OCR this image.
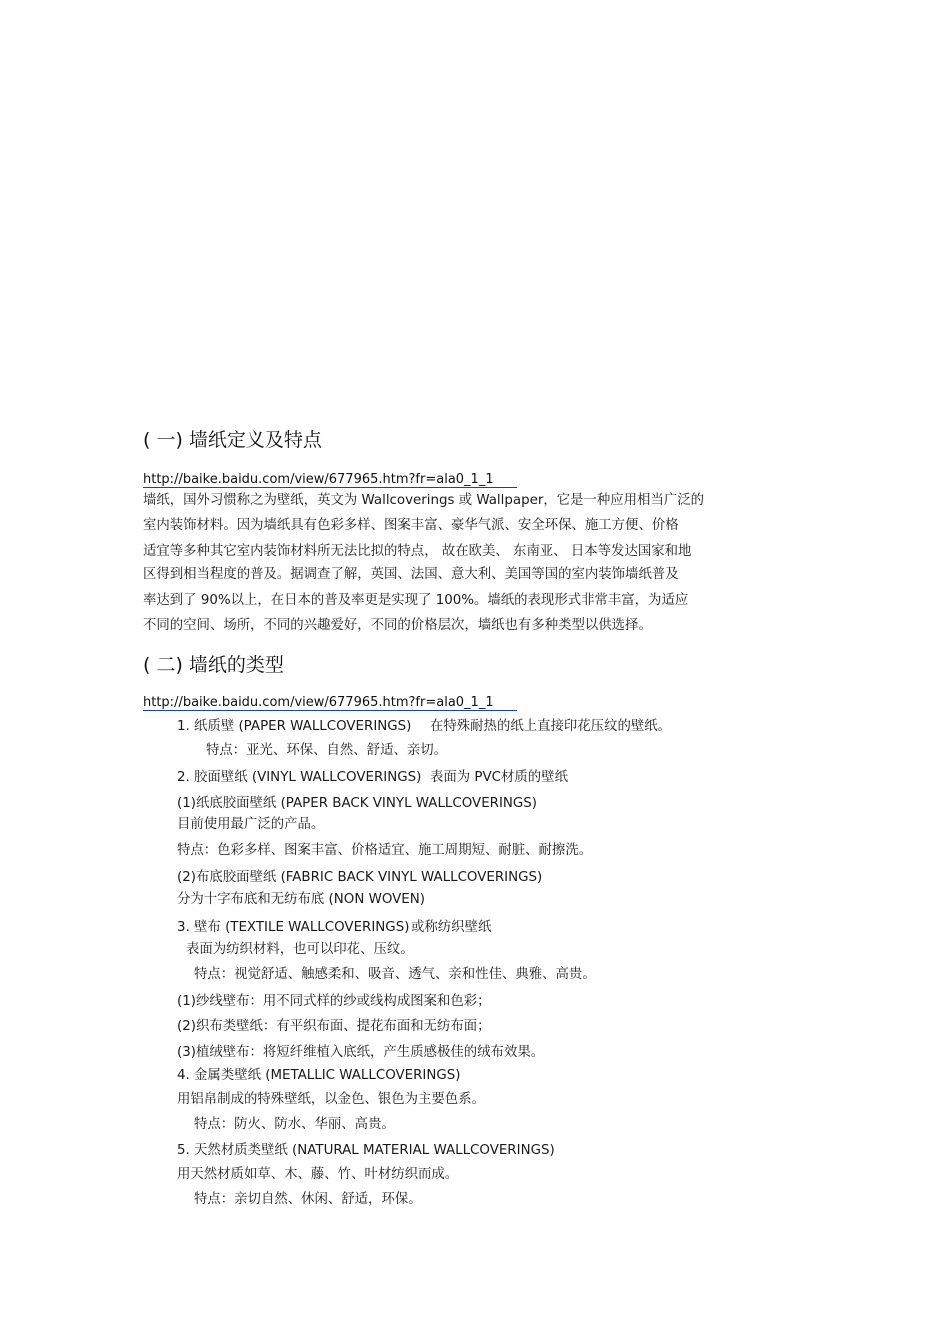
( 一) 墙纸定义及特点
http://baike.baidu.com/view/677965.htm?fr=ala0_1_1
墙纸，国外习惯称之为壁纸，英文为 Wallcoverings 或 Wallpaper，它是一种应用相当广泛的
室内装饰材料。因为墙纸具有色彩多样、图案丰富、豪华气派、安全环保、施工方便、价格
适宜等多种其它室内装饰材料所无法比拟的特点， 故在欧美、 东南亚、 日本等发达国家和地
区得到相当程度的普及。据调查了解，英国、法国、意大利、美国等国的室内装饰墙纸普及
率达到了 90%以上，在日本的普及率更是实现了 100%。墙纸的表现形式非常丰富，为适应
不同的空间、场所，不同的兴趣爱好，不同的价格层次，墙纸也有多种类型以供选择。
( 二) 墙纸的类型
http://baike.baidu.com/view/677965.htm?fr=ala0_1_1
1. 纸质壁 (PAPER WALLCOVERINGS) 在特殊耐热的纸上直接印花压纹的壁纸。
特点：亚光、环保、自然、舒适、亲切。
2. 胶面壁纸 (VINYL WALLCOVERINGS) 表面为 PVC材质的壁纸
(1)纸底胶面壁纸 (PAPER BACK VINYL WALLCOVERINGS)
目前使用最广泛的产品。
特点：色彩多样、图案丰富、价格适宜、施工周期短、耐脏、耐擦洗。
(2)布底胶面壁纸 (FABRIC BACK VINYL WALLCOVERINGS)
分为十字布底和无纺布底 (NON WOVEN)
3. 壁布 (TEXTILE WALLCOVERINGS) 或称纺织壁纸
表面为纺织材料，也可以印花、压纹。
特点：视觉舒适、触感柔和、吸音、透气、亲和性佳、典雅、高贵。
(1)纱线壁布：用不同式样的纱或线构成图案和色彩；
(2)织布类壁纸：有平织布面、提花布面和无纺布面；
(3)植绒壁布：将短纤维植入底纸，产生质感极佳的绒布效果。
4. 金属类壁纸 (METALLIC WALLCOVERINGS)
用铝帛制成的特殊壁纸，以金色、银色为主要色系。
特点：防火、防水、华丽、高贵。
5. 天然材质类壁纸 (NATURAL MATERIAL WALLCOVERINGS)
用天然材质如草、木、藤、竹、叶材纺织而成。
特点：亲切自然、休闲、舒适，环保。
